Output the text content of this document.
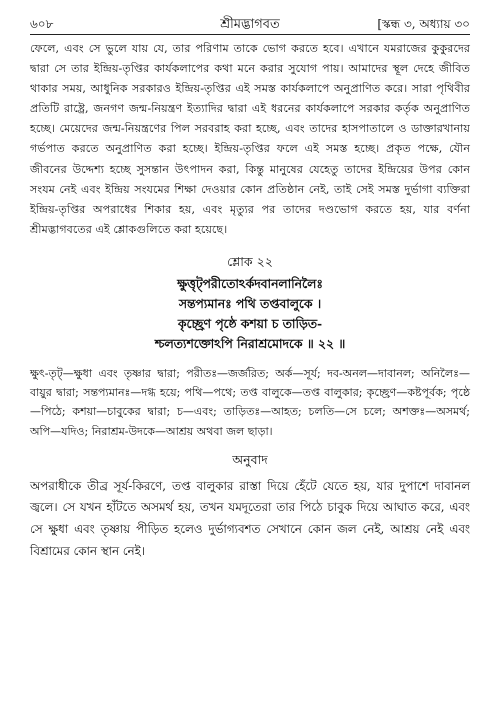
৬০৮	শ্রীমদ্ভাগবত	[স্কন্ধ ৩, অধ্যায় ৩০

ফেলে, এবং সে ভুলে যায় যে, তার পরিণাম তাকে ভোগ করতে হবে। এখানে যমরাজের কুকুরদের দ্বারা সে তার ইন্দ্রিয়-তৃপ্তির কার্যকলাপের কথা মনে করার সুযোগ পায়। আমাদের স্থূল দেহে জীবিত থাকার সময়, আধুনিক সরকারও ইন্দ্রিয়-তৃপ্তির এই সমস্ত কার্যকলাপে অনুপ্রাণিত করে। সারা পৃথিবীর প্রতিটি রাষ্ট্রে, জনগণ জন্ম-নিয়ন্ত্রণ ইত্যাদির দ্বারা এই ধরনের কার্যকলাপে সরকার কর্তৃক অনুপ্রাণিত হচ্ছে। মেয়েদের জন্ম-নিয়ন্ত্রণের পিল সরবরাহ করা হচ্ছে, এবং তাদের হাসপাতালে ও ডাক্তারখানায় গর্ভপাত করতে অনুপ্রাণিত করা হচ্ছে। ইন্দ্রিয়-তৃপ্তির ফলে এই সমস্ত হচ্ছে। প্রকৃত পক্ষে, যৌন জীবনের উদ্দেশ্য হচ্ছে সুসন্তান উৎপাদন করা, কিন্তু মানুষের যেহেতু তাদের ইন্দ্রিয়ের উপর কোন সংযম নেই এবং ইন্দ্রিয় সংযমের শিক্ষা দেওয়ার কোন প্রতিষ্ঠান নেই, তাই সেই সমস্ত দুর্ভাগা ব্যক্তিরা ইন্দ্রিয়-তৃপ্তির অপরাধের শিকার হয়, এবং মৃত্যুর পর তাদের দণ্ডভোগ করতে হয়, যার বর্ণনা শ্রীমদ্ভাগবতের এই শ্লোকগুলিতে করা হয়েছে।

শ্লোক ২২
ক্ষুত্তৃট্‌পরীতোঽর্কদবানলানিলৈঃ
সন্তপ্যমানঃ পথি তপ্তবালুকে ।
কৃচ্ছ্রেণ পৃষ্ঠে কশয়া চ তাড়িত-
শ্চলত্যশক্তোঽপি নিরাশ্রমোদকে ॥ ২২ ॥

ক্ষুৎ-তৃট্—ক্ষুধা এবং তৃষ্ণার দ্বারা; পরীতঃ—জর্জরিত; অর্ক—সূর্য; দব-অনল—দাবানল; অনিলৈঃ—বায়ুর দ্বারা; সন্তপ্যমানঃ—দগ্ধ হয়ে; পথি—পথে; তপ্ত বালুকে—তপ্ত বালুকার; কৃচ্ছ্রেণ—কষ্টপূর্বক; পৃষ্ঠে—পিঠে; কশয়া—চাবুকের দ্বারা; চ—এবং; তাড়িতঃ—আহত; চলতি—সে চলে; অশক্তঃ—অসমর্থ; অপি—যদিও; নিরাশ্রম-উদকে—আশ্রয় অথবা জল ছাড়া।

অনুবাদ

অপরাধীকে তীব্র সূর্য-কিরণে, তপ্ত বালুকার রাস্তা দিয়ে হেঁটে যেতে হয়, যার দুপাশে দাবানল জ্বলে। সে যখন হাঁটতে অসমর্থ হয়, তখন যমদূতেরা তার পিঠে চাবুক দিয়ে আঘাত করে, এবং সে ক্ষুধা এবং তৃষ্ণায় পীড়িত হলেও দুর্ভাগ্যবশত সেখানে কোন জল নেই, আশ্রয় নেই এবং বিশ্রামের কোন স্থান নেই।
